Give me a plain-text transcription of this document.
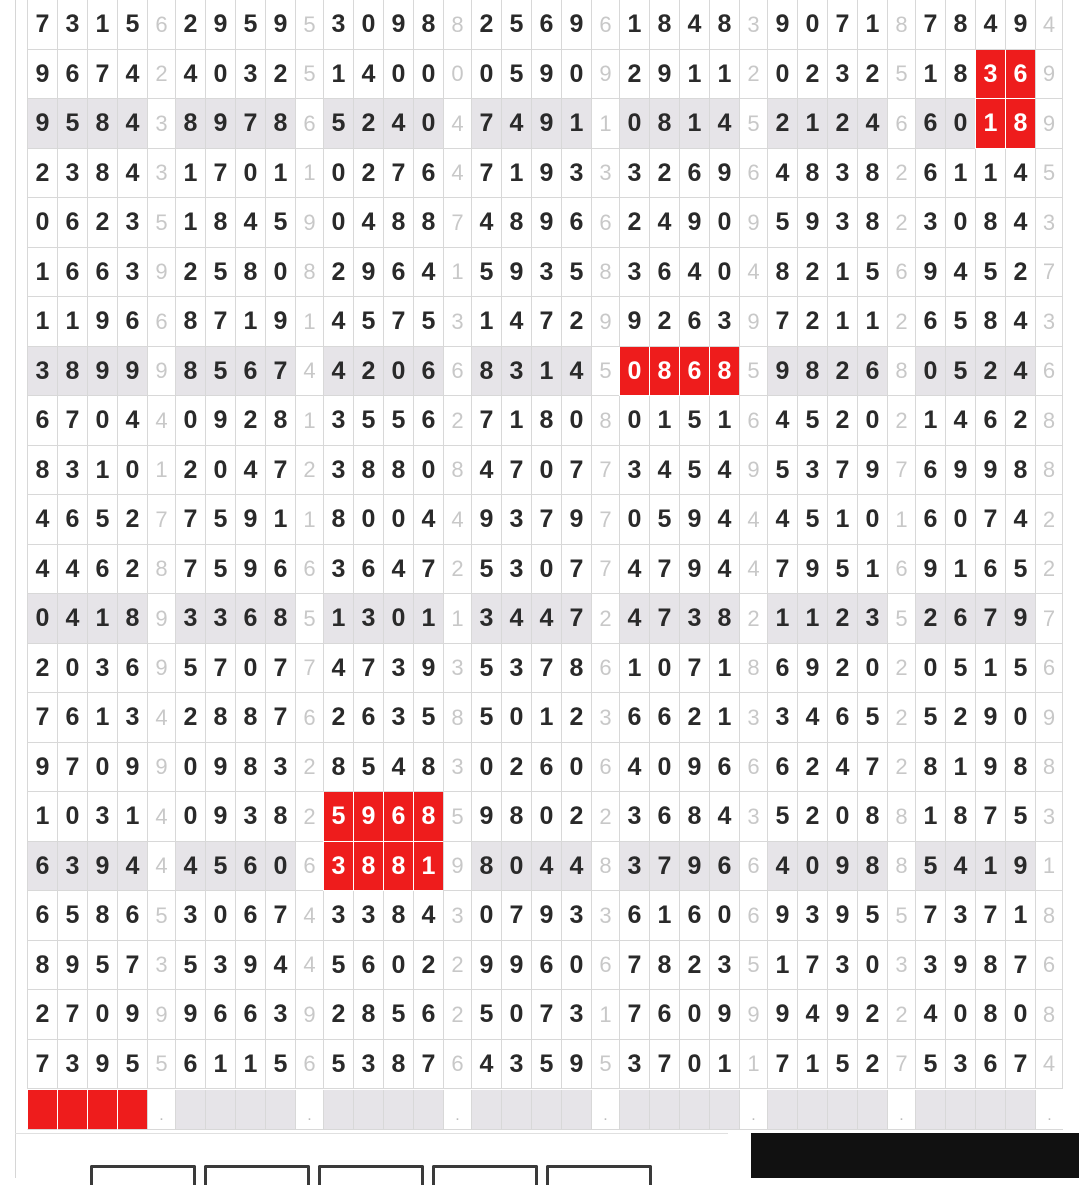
7 3 1 5 6 2 9 5 9 5 3 0 9 8 8 2 5 6 9 6 1 8 4 8 3 9 0 7 1 8 7 8 4 9 4
9 6 7 4 2 4 0 3 2 5 1 4 0 0 0 0 5 9 0 9 2 9 1 1 2 0 2 3 2 5 1 8 3 6 9
9 5 8 4 3 8 9 7 8 6 5 2 4 0 4 7 4 9 1 1 0 8 1 4 5 2 1 2 4 6 6 0 1 8 9
2 3 8 4 3 1 7 0 1 1 0 2 7 6 4 7 1 9 3 3 3 2 6 9 6 4 8 3 8 2 6 1 1 4 5
0 6 2 3 5 1 8 4 5 9 0 4 8 8 7 4 8 9 6 6 2 4 9 0 9 5 9 3 8 2 3 0 8 4 3
1 6 6 3 9 2 5 8 0 8 2 9 6 4 1 5 9 3 5 8 3 6 4 0 4 8 2 1 5 6 9 4 5 2 7
1 1 9 6 6 8 7 1 9 1 4 5 7 5 3 1 4 7 2 9 9 2 6 3 9 7 2 1 1 2 6 5 8 4 3
3 8 9 9 9 8 5 6 7 4 4 2 0 6 6 8 3 1 4 5 0 8 6 8 5 9 8 2 6 8 0 5 2 4 6
6 7 0 4 4 0 9 2 8 1 3 5 5 6 2 7 1 8 0 8 0 1 5 1 6 4 5 2 0 2 1 4 6 2 8
8 3 1 0 1 2 0 4 7 2 3 8 8 0 8 4 7 0 7 7 3 4 5 4 9 5 3 7 9 7 6 9 9 8 8
4 6 5 2 7 7 5 9 1 1 8 0 0 4 4 9 3 7 9 7 0 5 9 4 4 4 5 1 0 1 6 0 7 4 2
4 4 6 2 8 7 5 9 6 6 3 6 4 7 2 5 3 0 7 7 4 7 9 4 4 7 9 5 1 6 9 1 6 5 2
0 4 1 8 9 3 3 6 8 5 1 3 0 1 1 3 4 4 7 2 4 7 3 8 2 1 1 2 3 5 2 6 7 9 7
2 0 3 6 9 5 7 0 7 7 4 7 3 9 3 5 3 7 8 6 1 0 7 1 8 6 9 2 0 2 0 5 1 5 6
7 6 1 3 4 2 8 8 7 6 2 6 3 5 8 5 0 1 2 3 6 6 2 1 3 3 4 6 5 2 5 2 9 0 9
9 7 0 9 9 0 9 8 3 2 8 5 4 8 3 0 2 6 0 6 4 0 9 6 6 6 2 4 7 2 8 1 9 8 8
1 0 3 1 4 0 9 3 8 2 5 9 6 8 5 9 8 0 2 2 3 6 8 4 3 5 2 0 8 8 1 8 7 5 3
6 3 9 4 4 4 5 6 0 6 3 8 8 1 9 8 0 4 4 8 3 7 9 6 6 4 0 9 8 8 5 4 1 9 1
6 5 8 6 5 3 0 6 7 4 3 3 8 4 3 0 7 9 3 3 6 1 6 0 6 9 3 9 5 5 7 3 7 1 8
8 9 5 7 3 5 3 9 4 4 5 6 0 2 2 9 9 6 0 6 7 8 2 3 5 1 7 3 0 3 3 9 8 7 6
2 7 0 9 9 9 6 6 3 9 2 8 5 6 2 5 0 7 3 1 7 6 0 9 9 9 4 9 2 2 4 0 8 0 8
7 3 9 5 5 6 1 1 5 6 5 3 8 7 6 4 3 5 9 5 3 7 0 1 1 7 1 5 2 7 5 3 6 7 4
.	.	.	.	.	.	.
